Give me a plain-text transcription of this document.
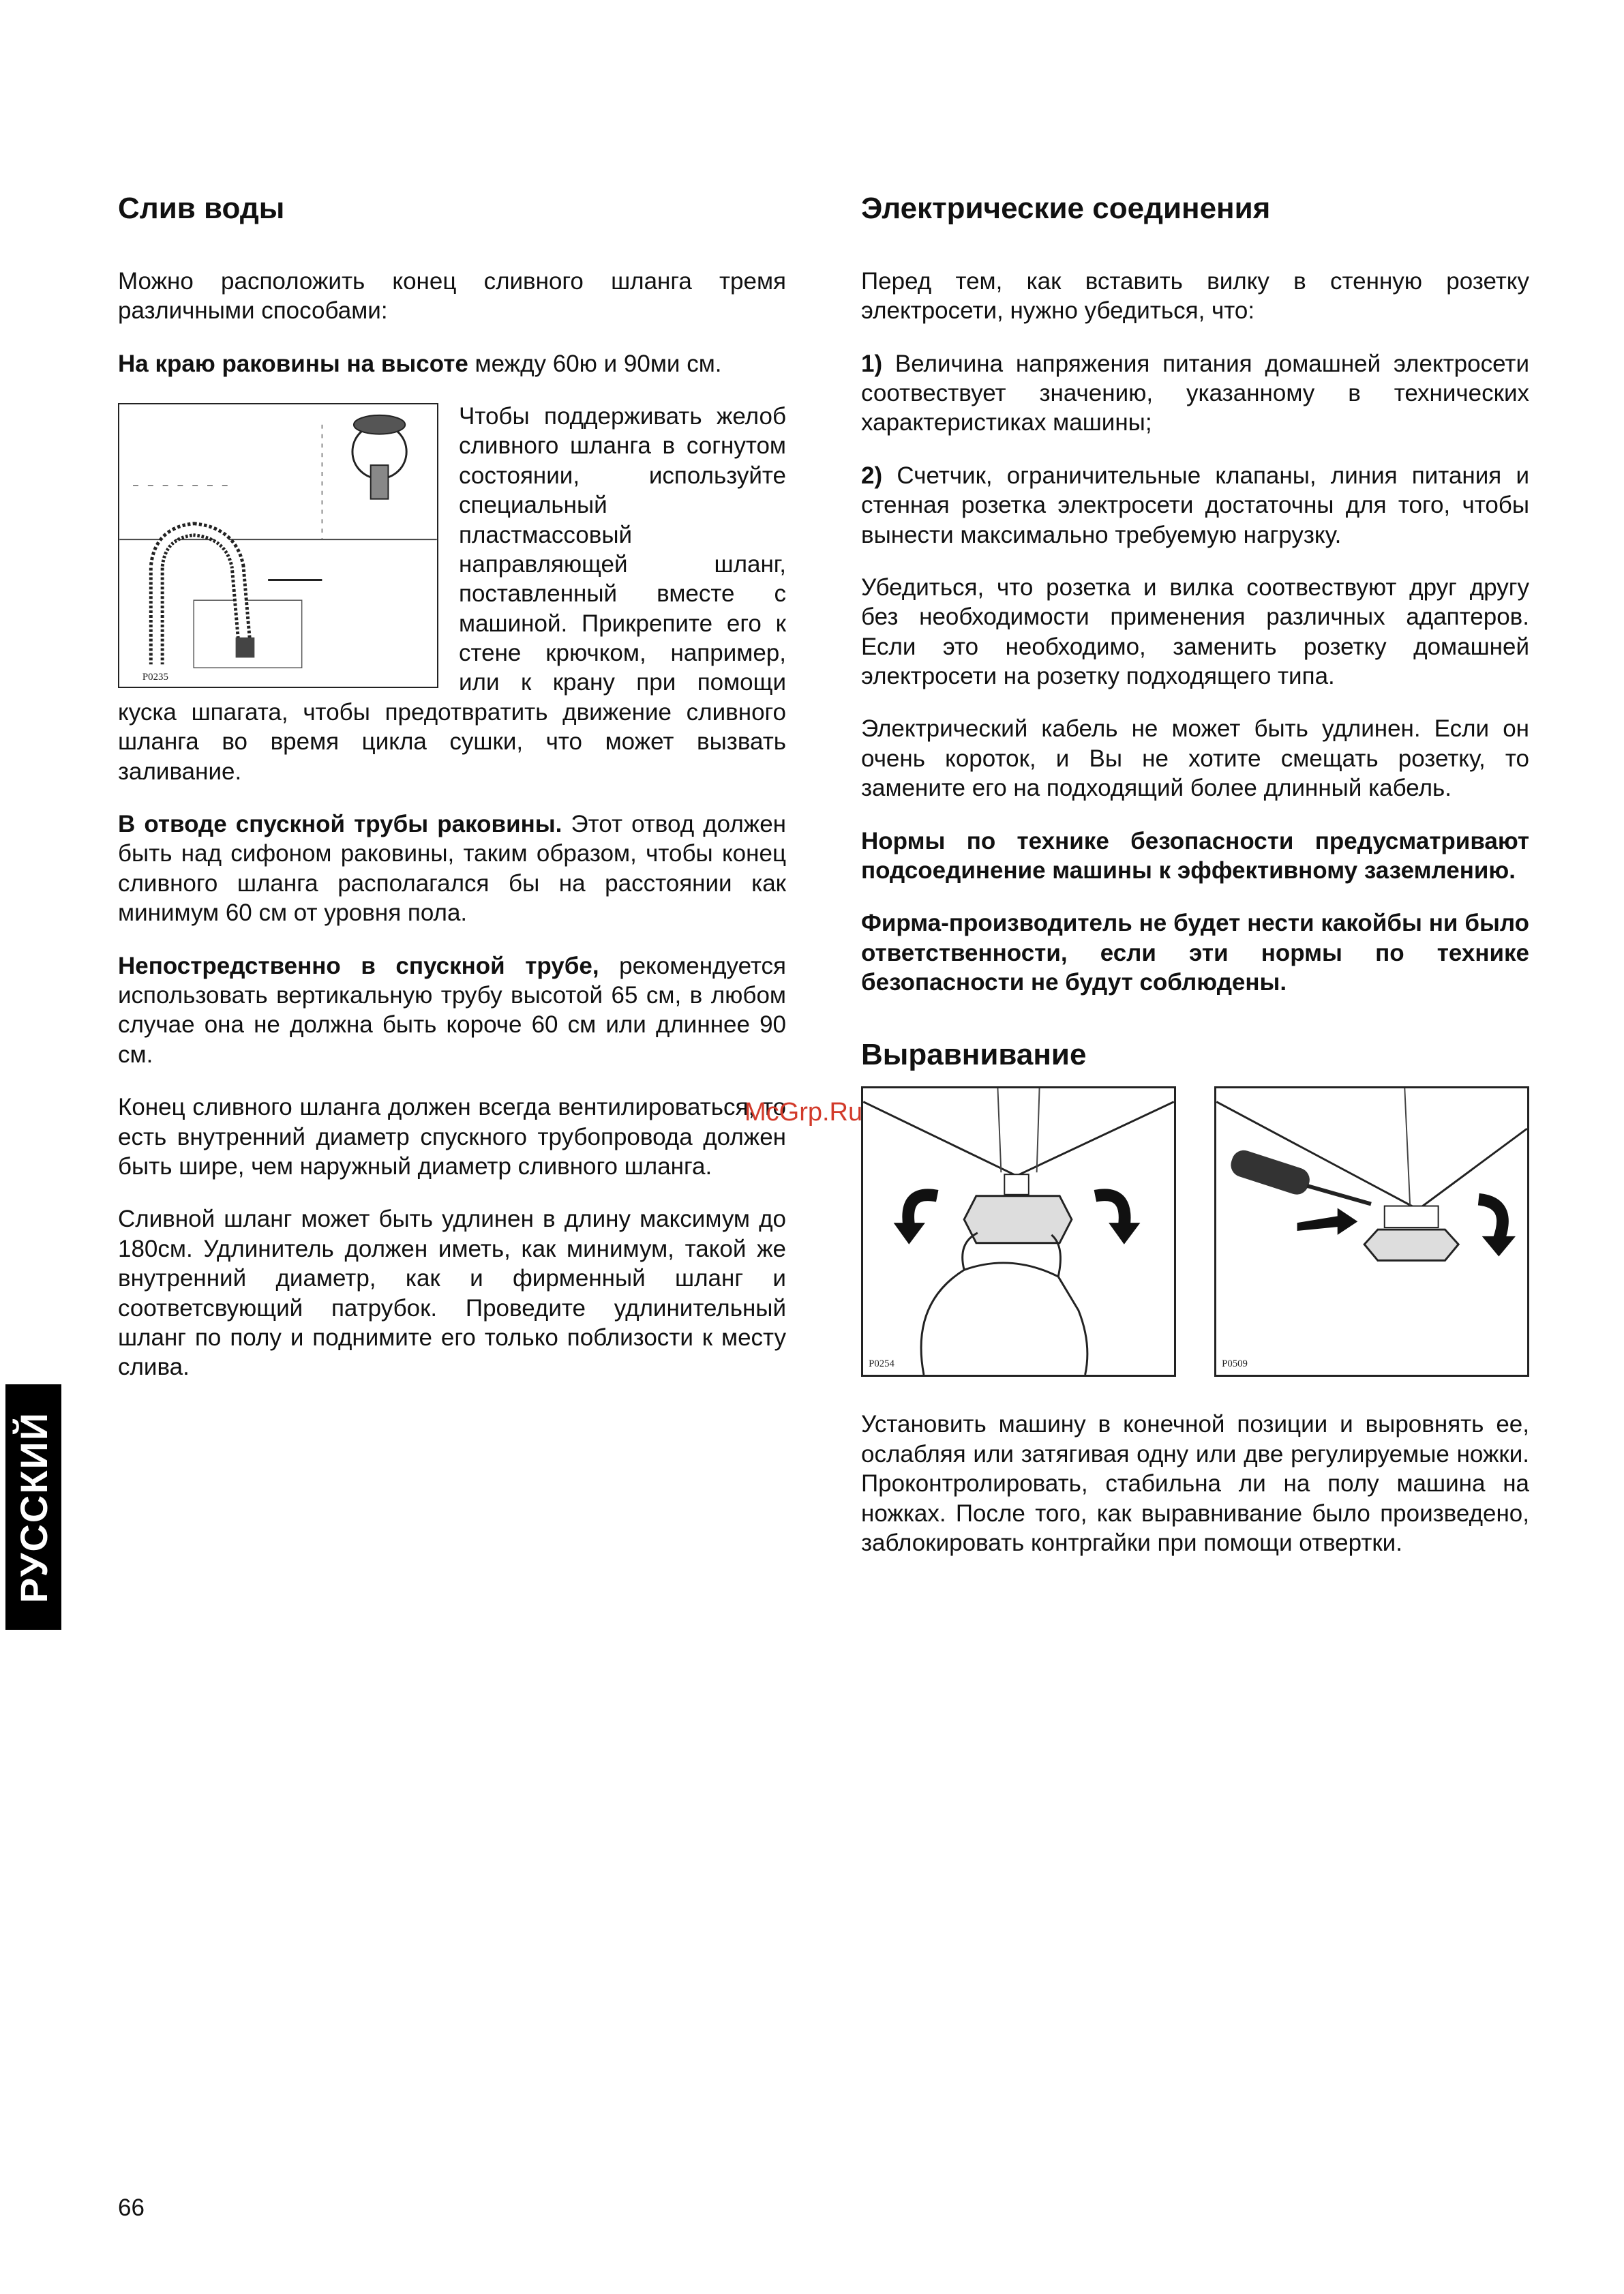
Слив воды

Можно расположить конец сливного шланга тремя различными способами:

На краю раковины на высоте между 60ю и 90ми см.

P0235

Чтобы поддерживать желоб сливного шланга в согнутом состоянии, используйте специальный пластмассовый направляющей шланг, поставленный вместе с машиной. Прикрепите его к стене крючком, например, или к крану при помощи куска шпагата, чтобы предотвратить движение сливного шланга во время цикла сушки, что может вызвать заливание.

В отводе спускной трубы раковины. Этот отвод должен быть над сифоном раковины, таким образом, чтобы конец сливного шланга располагался бы на расстоянии как минимум 60 см от уровня пола.

Непостредственно в спускной трубе, рекомендуется использовать вертикальную трубу высотой 65 см, в любом случае она не должна быть короче 60 см или длиннее 90 см.

Конец сливного шланга должен всегда вентилироваться, то есть внутренний диаметр спускного трубопровода должен быть шире, чем наружный диаметр сливного шланга.

Сливной шланг может быть удлинен в длину максимум до 180см. Удлинитель должен иметь, как минимум, такой же внутренний диаметр, как и фирменный шланг и соответсвующий патрубок. Проведите удлинительный шланг по полу и поднимите его только поблизости к месту слива.

Электрические соединения

Перед тем, как вставить вилку в стенную розетку электросети, нужно убедиться, что:

1) Величина напряжения питания домашней электросети соотвествует значению, указанному в технических характеристиках машины;

2) Счетчик, ограничительные клапаны, линия питания и стенная розетка электросети достаточны для того, чтобы вынести максимально требуемую нагрузку.

Убедиться, что розетка и вилка соотвествуют друг другу без необходимости применения различных адаптеров. Если это необходимо, заменить розетку домашней электросети на розетку подходящего типа.

Электрический кабель не может быть удлинен. Если он очень короток, и Вы не хотите смещать розетку, то замените его на подходящий более длинный кабель.

Нормы по технике безопасности предусматривают подсоединение машины к эффективному заземлению.

Фирма-производитель не будет нести какойбы ни было ответственности, если эти нормы по технике безопасности не будут соблюдены.

Выравнивание
P0254	P0509

Установить машину в конечной позиции и выровнять ее, ослабляя или затягивая одну или две регулируемые ножки. Проконтролировать, стабильна ли на полу машина на ножках. После того, как выравнивание было произведено, заблокировать контргайки при помощи отвертки.

РУССКИЙ
66
McGrp.Ru
